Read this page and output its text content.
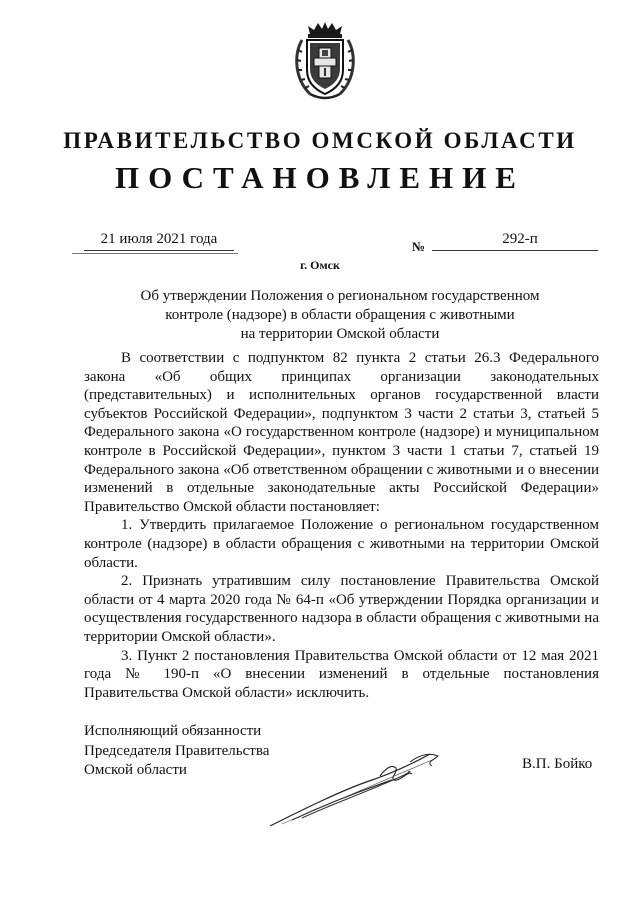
ПРАВИТЕЛЬСТВО ОМСКОЙ ОБЛАСТИ
ПОСТАНОВЛЕНИЕ
21 июля 2021 года	№	292-п
г. Омск
Об утверждении Положения о региональном государственном
контроле (надзоре) в области обращения с животными
на территории Омской области

В соответствии с подпунктом 82 пункта 2 статьи 26.3 Федерального закона «Об общих принципах организации законодательных (представительных) и исполнительных органов государственной власти субъектов Российской Федерации», подпунктом 3 части 2 статьи 3, статьей 5 Федерального закона «О государственном контроле (надзоре) и муниципальном контроле в Российской Федерации», пунктом 3 части 1 статьи 7, статьей 19 Федерального закона «Об ответственном обращении с животными и о внесении изменений в отдельные законодательные акты Российской Федерации» Правительство Омской области постановляет:

1. Утвердить прилагаемое Положение о региональном государственном контроле (надзоре) в области обращения с животными на территории Омской области.

2. Признать утратившим силу постановление Правительства Омской области от 4 марта 2020 года № 64-п «Об утверждении Порядка организации и осуществления государственного надзора в области обращения с животными на территории Омской области».

3. Пункт 2 постановления Правительства Омской области от 12 мая 2021 года № 190-п «О внесении изменений в отдельные постановления Правительства Омской области» исключить.

Исполняющий обязанности
Председателя Правительства
Омской области	В.П. Бойко
